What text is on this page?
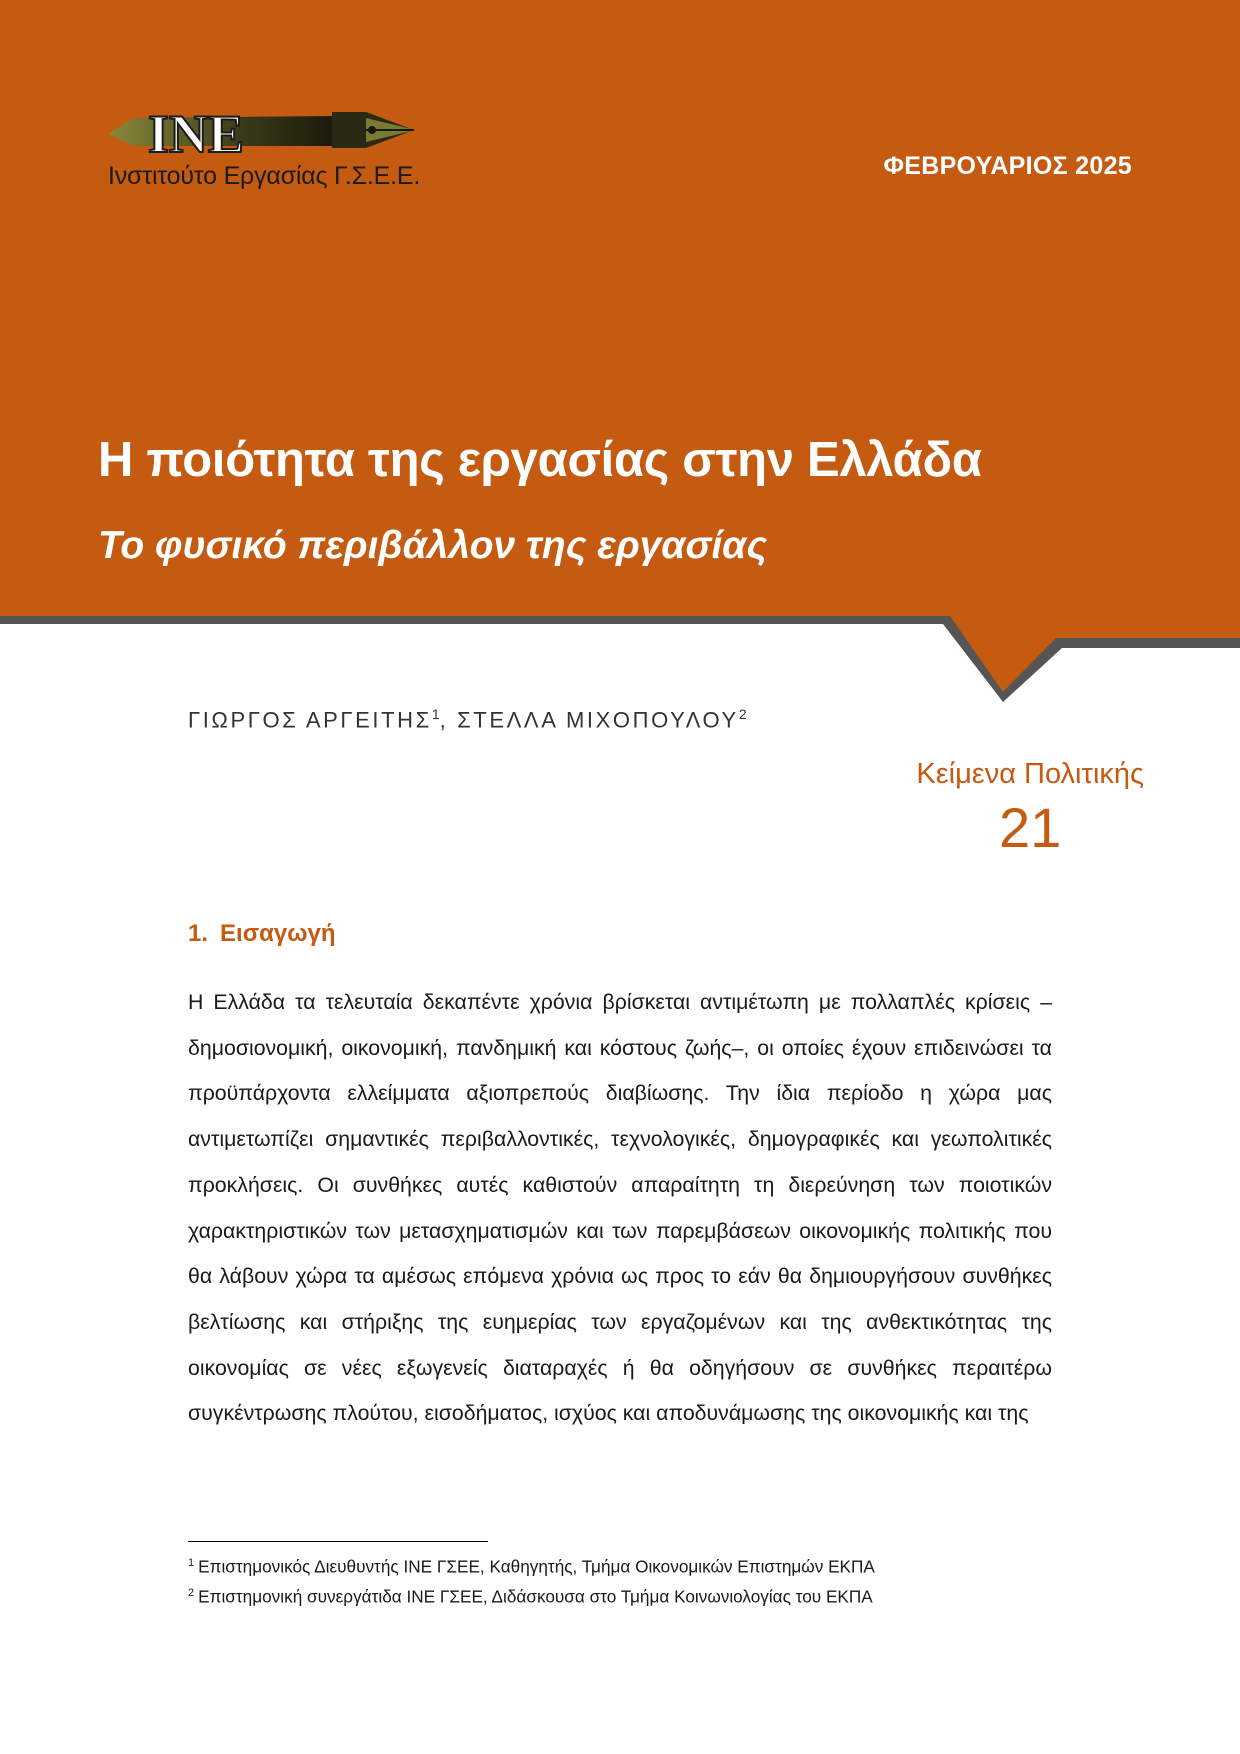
INE
Ινστιτούτο Εργασίας Γ.Σ.Ε.Ε.	ΦΕΒΡΟΥΑΡΙΟΣ 2025
Η ποιότητα της εργασίας στην Ελλάδα
Το φυσικό περιβάλλον της εργασίας
ΓΙΩΡΓΟΣ ΑΡΓΕΙΤΗΣ$^1$, ΣΤΕΛΛΑ ΜΙΧΟΠΟΥΛΟΥ$^2$
Κείμενα Πολιτικής
21
1. Εισαγωγή

Η Ελλάδα τα τελευταία δεκαπέντε χρόνια βρίσκεται αντιμέτωπη με πολλαπλές κρίσεις –δημοσιονομική, οικονομική, πανδημική και κόστους ζωής–, οι οποίες έχουν επιδεινώσει τα προϋπάρχοντα ελλείμματα αξιοπρεπούς διαβίωσης. Την ίδια περίοδο η χώρα μας αντιμετωπίζει σημαντικές περιβαλλοντικές, τεχνολογικές, δημογραφικές και γεωπολιτικές προκλήσεις. Οι συνθήκες αυτές καθιστούν απαραίτητη τη διερεύνηση των ποιοτικών χαρακτηριστικών των μετασχηματισμών και των παρεμβάσεων οικονομικής πολιτικής που θα λάβουν χώρα τα αμέσως επόμενα χρόνια ως προς το εάν θα δημιουργήσουν συνθήκες βελτίωσης και στήριξης της ευημερίας των εργαζομένων και της ανθεκτικότητας της οικονομίας σε νέες εξωγενείς διαταραχές ή θα οδηγήσουν σε συνθήκες περαιτέρω συγκέντρωσης πλούτου, εισοδήματος, ισχύος και αποδυνάμωσης της οικονομικής και της

$^1$ Επιστημονικός Διευθυντής ΙΝΕ ΓΣΕΕ, Καθηγητής, Τμήμα Οικονομικών Επιστημών ΕΚΠΑ
$^2$ Επιστημονική συνεργάτιδα ΙΝΕ ΓΣΕΕ, Διδάσκουσα στο Τμήμα Κοινωνιολογίας του ΕΚΠΑ
